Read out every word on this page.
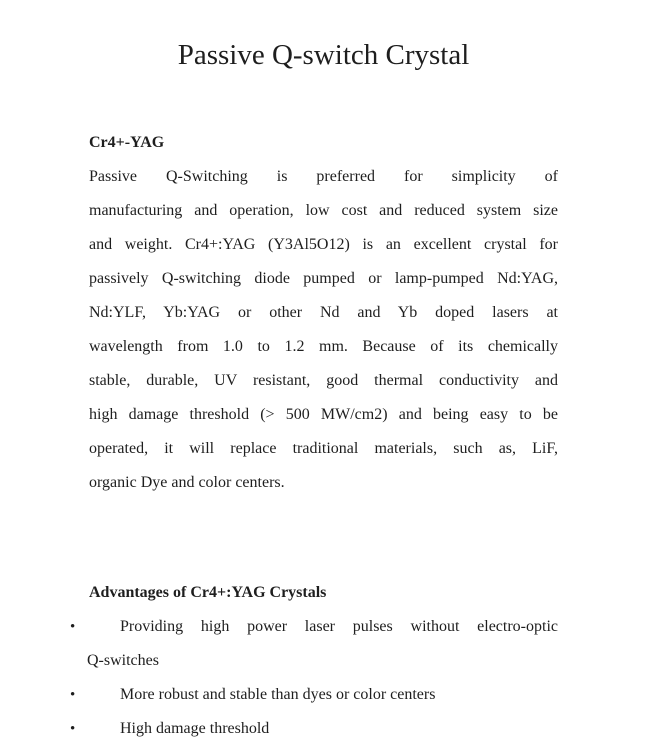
Passive Q-switch Crystal
Cr4+-YAG
Passive Q-Switching is preferred for simplicity of
manufacturing and operation, low cost and reduced system size
and weight. Cr4+:YAG (Y3Al5O12) is an excellent crystal for
passively Q-switching diode pumped or lamp-pumped Nd:YAG,
Nd:YLF, Yb:YAG or other Nd and Yb doped lasers at
wavelength from 1.0 to 1.2 mm. Because of its chemically
stable, durable, UV resistant, good thermal conductivity and
high damage threshold (> 500 MW/cm2) and being easy to be
operated, it will replace traditional materials, such as, LiF,
organic Dye and color centers.
Advantages of Cr4+:YAG Crystals
•	Providing high power laser pulses without electro-optic
Q-switches
•	More robust and stable than dyes or color centers
•	High damage threshold
